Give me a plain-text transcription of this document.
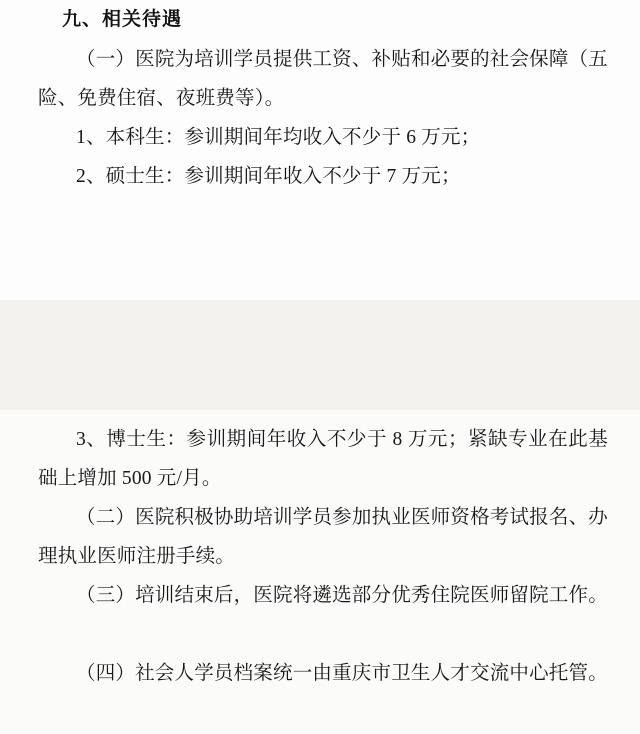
九、相关待遇
（一）医院为培训学员提供工资、补贴和必要的社会保障（五险、免费住宿、夜班费等）。
1、本科生：参训期间年均收入不少于 6 万元；
2、硕士生：参训期间年收入不少于 7 万元；
3、博士生：参训期间年收入不少于 8 万元；紧缺专业在此基础上增加 500 元/月。
（二）医院积极协助培训学员参加执业医师资格考试报名、办理执业医师注册手续。
（三）培训结束后，医院将遴选部分优秀住院医师留院工作。
（四）社会人学员档案统一由重庆市卫生人才交流中心托管。
